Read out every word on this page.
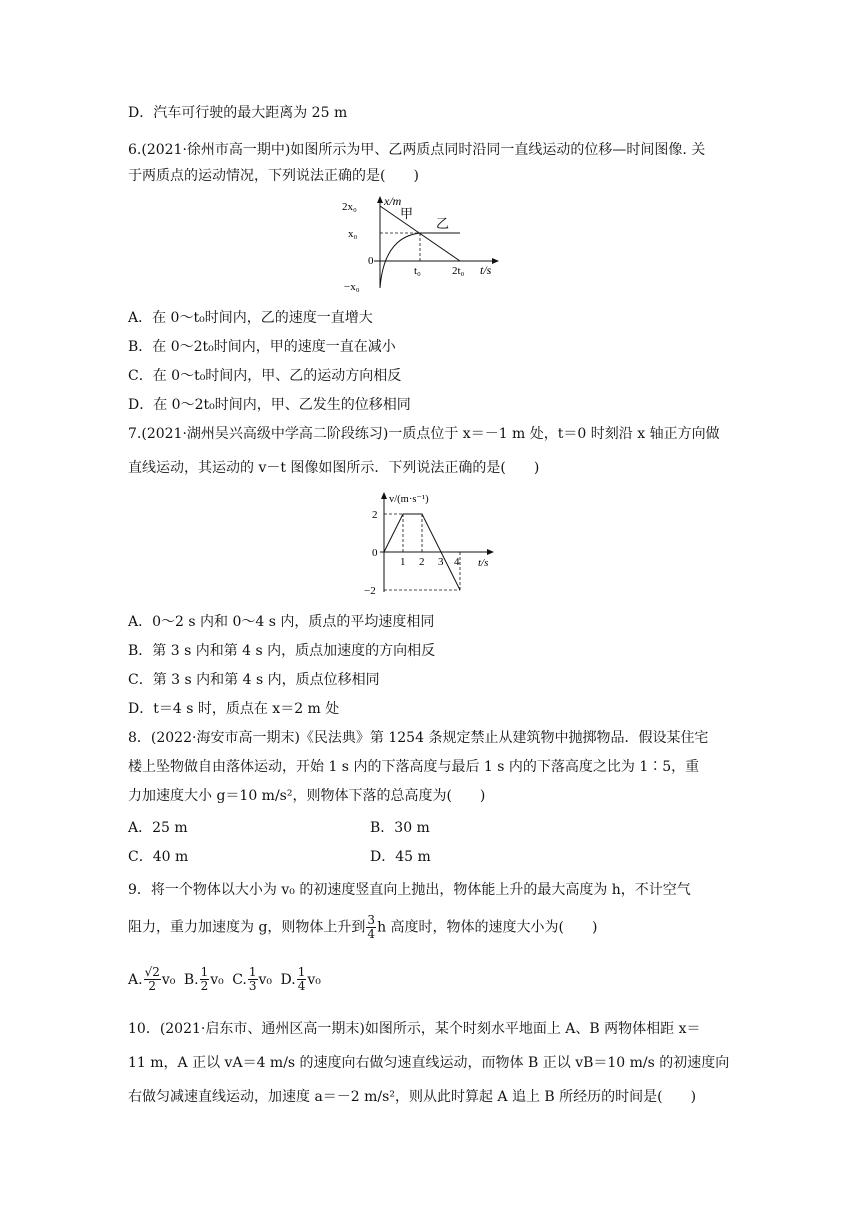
D．汽车可行驶的最大距离为 25 m
6.(2021·徐州市高一期中)如图所示为甲、乙两质点同时沿同一直线运动的位移—时间图像. 关
于两质点的运动情况，下列说法正确的是(　　)
x/m
2x₀
x₀
0
−x₀
t₀	2t₀ t/s
甲
乙
A．在 0～t₀时间内，乙的速度一直增大
B．在 0～2t₀时间内，甲的速度一直在减小
C．在 0～t₀时间内，甲、乙的运动方向相反
D．在 0～2t₀时间内，甲、乙发生的位移相同
7.(2021·湖州吴兴高级中学高二阶段练习)一质点位于 x＝－1 m 处，t＝0 时刻沿 x 轴正方向做
直线运动，其运动的 v－t 图像如图所示．下列说法正确的是(　　)
v/(m·s⁻¹)
2
0
−2
1 2 3 4 t/s
A．0～2 s 内和 0～4 s 内，质点的平均速度相同
B．第 3 s 内和第 4 s 内，质点加速度的方向相反
C．第 3 s 内和第 4 s 内，质点位移相同
D．t＝4 s 时，质点在 x＝2 m 处
8．(2022·海安市高一期末)《民法典》第 1254 条规定禁止从建筑物中抛掷物品．假设某住宅
楼上坠物做自由落体运动，开始 1 s 内的下落高度与最后 1 s 内的下落高度之比为 1∶5，重
力加速度大小 g＝10 m/s²，则物体下落的总高度为(　　)
A．25 m	B．30 m
C．40 m	D．45 m
9．将一个物体以大小为 v₀ 的初速度竖直向上抛出，物体能上升的最大高度为 h，不计空气
阻力，重力加速度为 g，则物体上升到 $\frac{3}{4}$ h 高度时，物体的速度大小为(　　)
A. $\frac{√2}{2} v_0$ B. $\frac{1}{2} v_0$ C. $\frac{1}{3} v_0$ D. $\frac{1}{4} v_0$
10．(2021·启东市、通州区高一期末)如图所示，某个时刻水平地面上 A、B 两物体相距 x＝
11 m，A 正以 vA＝4 m/s 的速度向右做匀速直线运动，而物体 B 正以 vB＝10 m/s 的初速度向
右做匀减速直线运动，加速度 a＝－2 m/s²，则从此时算起 A 追上 B 所经历的时间是(　　)
